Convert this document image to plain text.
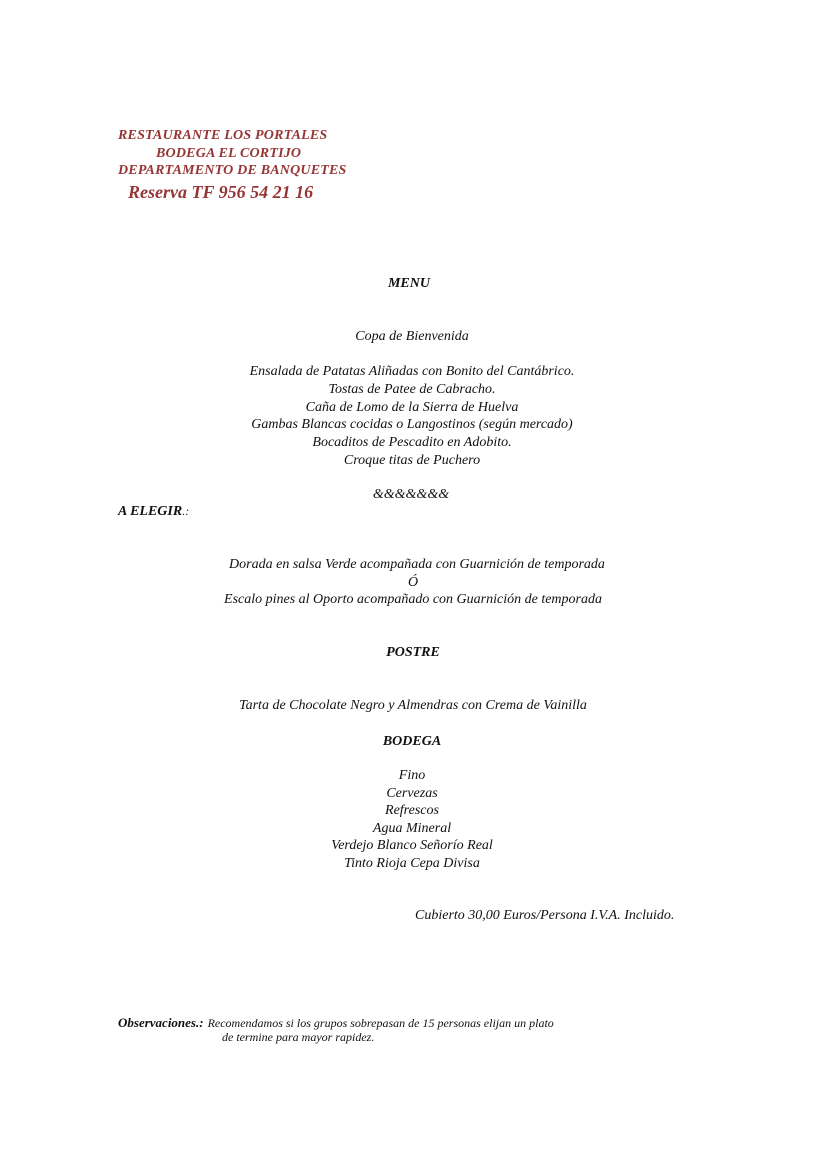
RESTAURANTE LOS PORTALES
BODEGA EL CORTIJO
DEPARTAMENTO DE BANQUETES
Reserva TF 956 54 21 16
MENU
Copa de Bienvenida
Ensalada de Patatas Aliñadas con Bonito del Cantábrico.
Tostas de Patee de Cabracho.
Caña de Lomo de la Sierra de Huelva
Gambas Blancas cocidas o Langostinos (según mercado)
Bocaditos de Pescadito en Adobito.
Croque titas de Puchero
&&&&&&&
A ELEGIR.:
Dorada en salsa Verde acompañada con Guarnición de temporada
Ó
Escalo pines al Oporto acompañado con Guarnición de temporada
POSTRE
Tarta de Chocolate Negro y Almendras con Crema de Vainilla
BODEGA
Fino
Cervezas
Refrescos
Agua Mineral
Verdejo Blanco Señorío Real
Tinto Rioja Cepa Divisa
Cubierto 30,00 Euros/Persona I.V.A. Incluido.
Observaciones.: Recomendamos si los grupos sobrepasan de 15 personas elijan un plato
de termine para mayor rapidez.
